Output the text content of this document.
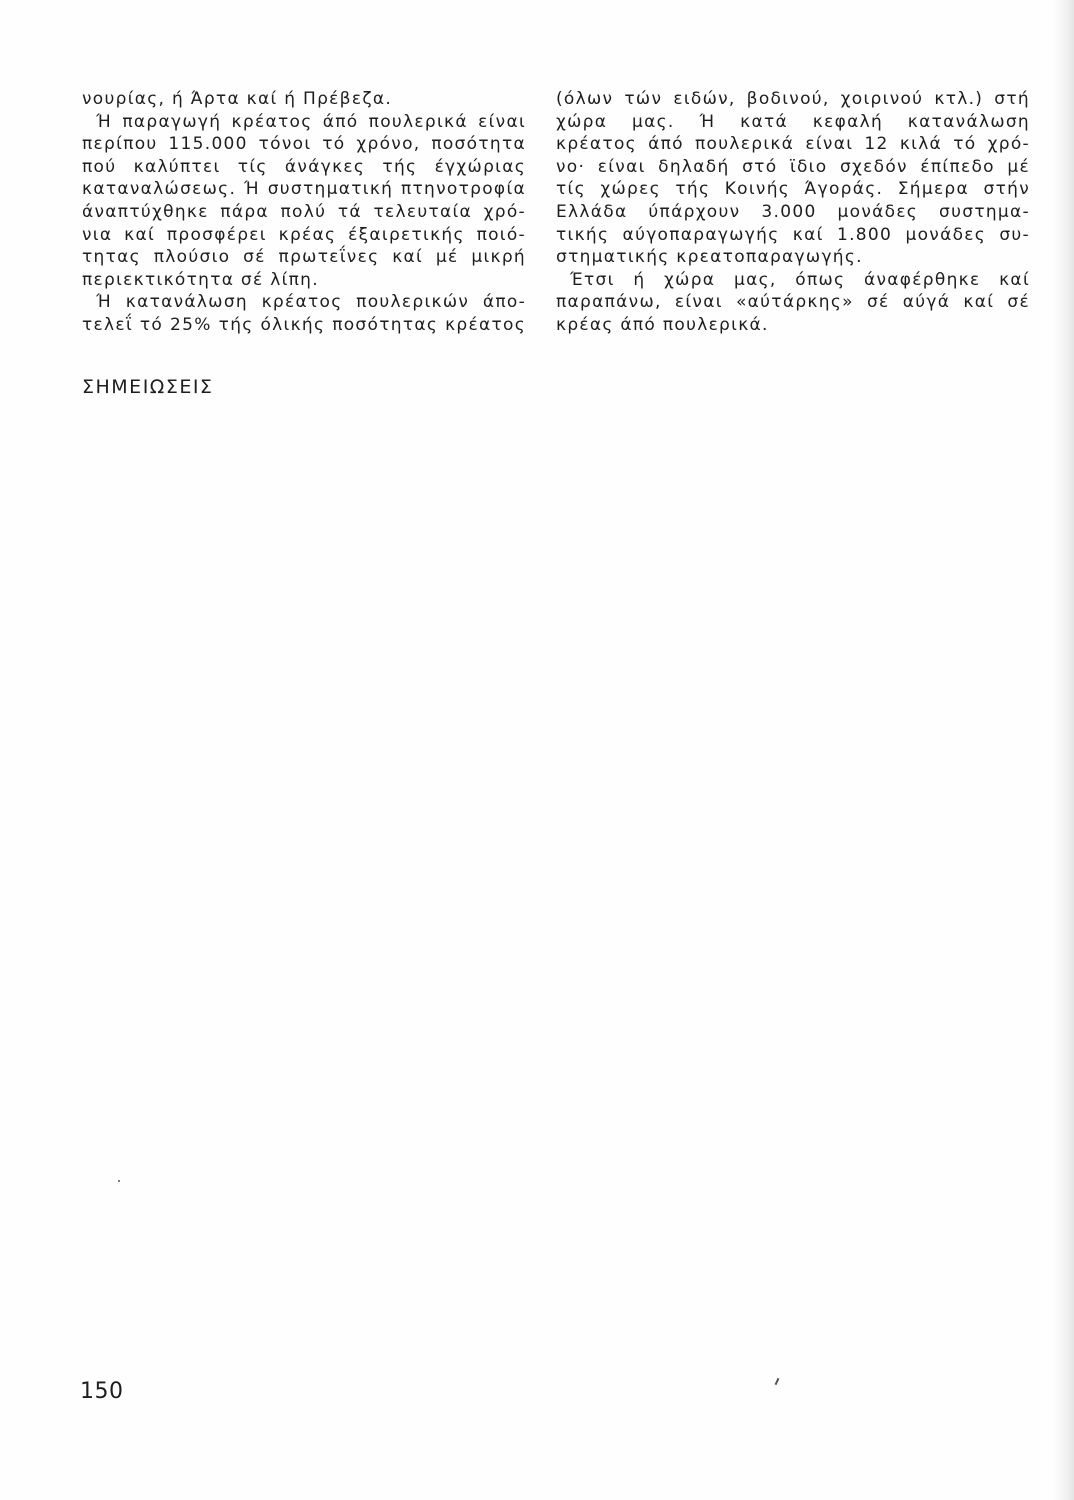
νουρίας, ή Άρτα καί ή Πρέβεζα.
Ή παραγωγή κρέατος άπό πουλερικά είναι
περίπου 115.000 τόνοι τό χρόνο, ποσότητα
πού καλύπτει τίς άνάγκες τής έγχώριας
καταναλώσεως. Ή συστηματική πτηνοτροφία
άναπτύχθηκε πάρα πολύ τά τελευταία χρό-
νια καί προσφέρει κρέας έξαιρετικής ποιό-
τητας πλούσιο σέ πρωτεΐνες καί μέ μικρή
περιεκτικότητα σέ λίπη.
Ή κατανάλωση κρέατος πουλερικών άπο-
τελεΐ τό 25% τής όλικής ποσότητας κρέατος
(όλων τών ειδών, βοδινού, χοιρινού κτλ.) στή
χώρα μας. Ή κατά κεφαλή κατανάλωση
κρέατος άπό πουλερικά είναι 12 κιλά τό χρό-
νο· είναι δηλαδή στό ϊδιο σχεδόν έπίπεδο μέ
τίς χώρες τής Κοινής Άγοράς. Σήμερα στήν
Ελλάδα ύπάρχουν 3.000 μονάδες συστημα-
τικής αύγοπαραγωγής καί 1.800 μονάδες συ-
στηματικής κρεατοπαραγωγής.
Έτσι ή χώρα μας, όπως άναφέρθηκε καί
παραπάνω, είναι «αύτάρκης» σέ αύγά καί σέ
κρέας άπό πουλερικά.
ΣΗΜΕΙΩΣΕΙΣ
150
